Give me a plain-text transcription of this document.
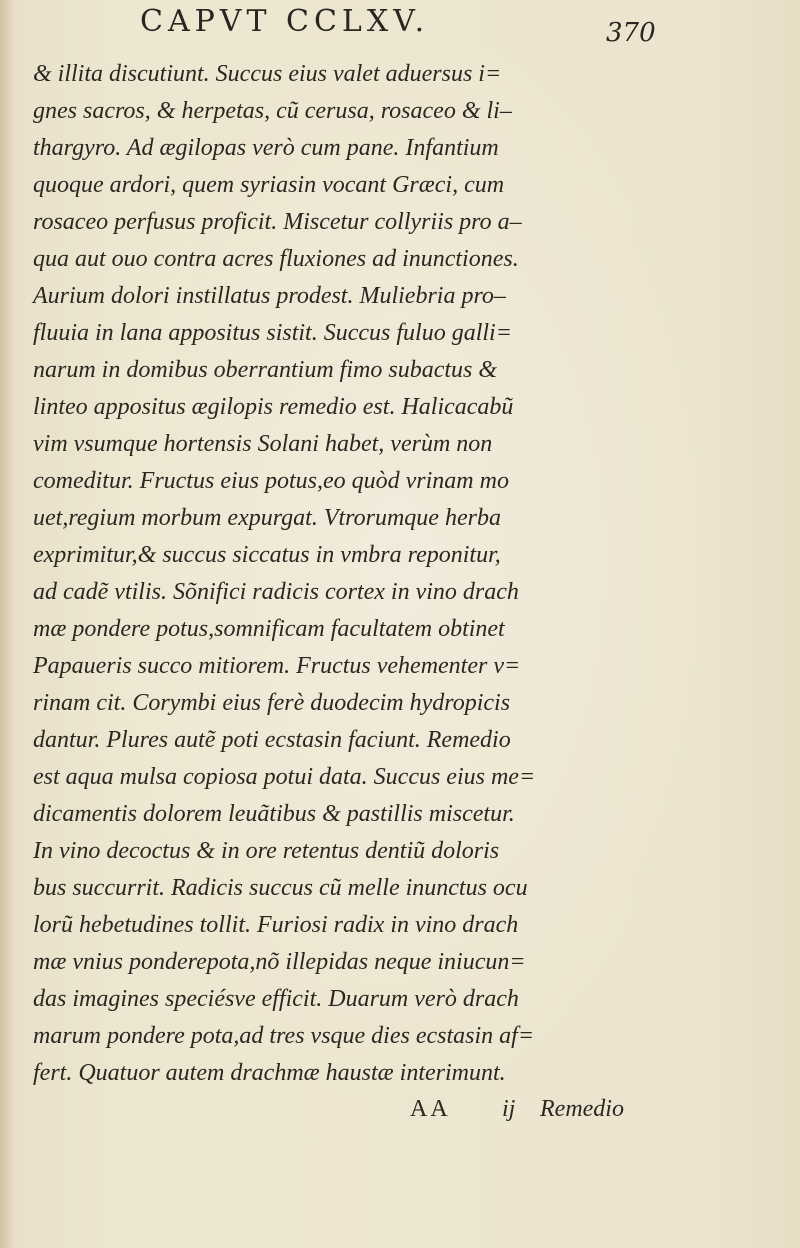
CAPVT CCLXV.	370
& illita discutiunt. Succus eius valet aduersus i=
gnes sacros, & herpetas, cũ cerusa, rosaceo & li–
thargyro. Ad ægilopas verò cum pane. Infantium
quoque ardori, quem syriasin vocant Græci, cum
rosaceo perfusus proficit. Miscetur collyriis pro a–
qua aut ouo contra acres fluxiones ad inunctiones.
Aurium dolori instillatus prodest. Muliebria pro–
fluuia in lana appositus sistit. Succus fuluo galli=
narum in domibus oberrantium fimo subactus &
linteo appositus ægilopis remedio est. Halicacabũ
vim vsumque hortensis Solani habet, verùm non
comeditur. Fructus eius potus,eo quòd vrinam mo
uet,regium morbum expurgat. Vtrorumque herba
exprimitur,& succus siccatus in vmbra reponitur,
ad cadẽ vtilis. Sõnifici radicis cortex in vino drach
mæ pondere potus,somnificam facultatem obtinet
Papaueris succo mitiorem. Fructus vehementer v=
rinam cit. Corymbi eius ferè duodecim hydropicis
dantur. Plures autẽ poti ecstasin faciunt. Remedio
est aqua mulsa copiosa potui data. Succus eius me=
dicamentis dolorem leuãtibus & pastillis miscetur.
In vino decoctus & in ore retentus dentiũ doloris
bus succurrit. Radicis succus cũ melle inunctus ocu
lorũ hebetudines tollit. Furiosi radix in vino drach
mæ vnius ponderepota,nõ illepidas neque iniucun=
das imagines speciésve efficit. Duarum verò drach
marum pondere pota,ad tres vsque dies ecstasin af=
fert. Quatuor autem drachmæ haustæ interimunt.
AA ij Remedio
